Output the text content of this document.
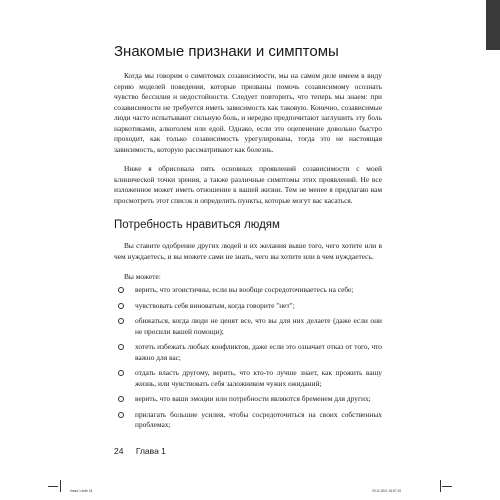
Знакомые признаки и симптомы

Когда мы говорим о симптомах созависимости, мы на самом деле имеем в виду серию моделей поведения, которые призваны помочь созависимому осознать чувство бессилия и недостойности. Следует повторить, что теперь мы знаем: при созависимости не требуется иметь зависимость как таковую. Конечно, созависимые люди часто испытывают сильную боль, и нередко предпочитают заглушить эту боль наркотиками, алкоголем или едой. Однако, если это оцепенение довольно быстро проходит, как только созависимость урегулирована, тогда это не настоящая зависимость, которую рассматривают как болезнь.

Ниже я обрисовала пять основных проявлений созависимости с моей клинической точки зрения, а также различные симптомы этих проявлений. Не все изложенное может иметь отношение к вашей жизни. Тем не менее я предлагаю вам просмотреть этот список и определить пункты, которые могут вас касаться.

Потребность нравиться людям

Вы ставите одобрение других людей и их желания выше того, чего хотите или в чем нуждаетесь, и вы можете сами не знать, чего вы хотите или в чем нуждаетесь.

Вы можете:

верить, что эгоистичны, если вы вообще сосредоточиваетесь на себе;

чувствовать себя виноватым, когда говорите "нет";

обижаться, когда люди не ценят все, что вы для них делаете (даже если они не просили вашей помощи);

хотеть избежать любых конфликтов, даже если это означает отказ от того, что важно для вас;

отдать власть другому, верить, что кто-то лучше знает, как прожить вашу жизнь, или чувствовать себя заложником чужих ожиданий;

верить, что ваши эмоции или потребности являются бременем для других;

прилагать большие усилия, чтобы сосредоточиться на своих собственных проблемах;

24 Глава 1
Книга 1.indb 24	29.11.2021 16:57:15
